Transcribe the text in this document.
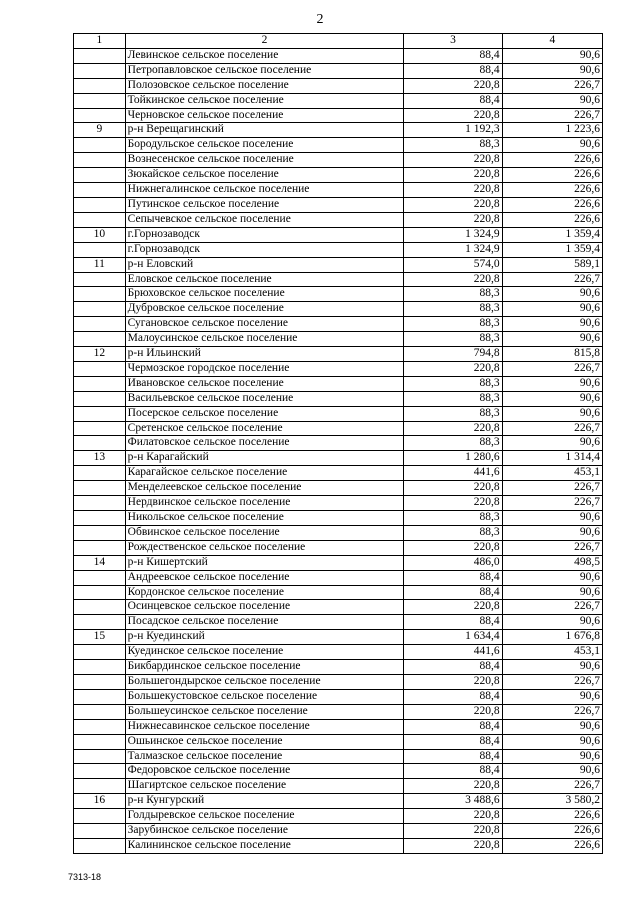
2
1	2	3	4
	Левинское сельское поселение	88,4	90,6
	Петропавловское сельское поселение	88,4	90,6
	Полозовское сельское поселение	220,8	226,7
	Тойкинское сельское поселение	88,4	90,6
	Черновское сельское поселение	220,8	226,7
9	р-н Верещагинский	1 192,3	1 223,6
	Бородульское сельское поселение	88,3	90,6
	Вознесенское сельское поселение	220,8	226,6
	Зюкайское сельское поселение	220,8	226,6
	Нижнегалинское сельское поселение	220,8	226,6
	Путинское сельское поселение	220,8	226,6
	Сепычевское сельское поселение	220,8	226,6
10	г.Горнозаводск	1 324,9	1 359,4
	г.Горнозаводск	1 324,9	1 359,4
11	р-н Еловский	574,0	589,1
	Еловское сельское поселение	220,8	226,7
	Брюховское сельское поселение	88,3	90,6
	Дубровское сельское поселение	88,3	90,6
	Сугановское сельское поселение	88,3	90,6
	Малоусинское сельское поселение	88,3	90,6
12	р-н Ильинский	794,8	815,8
	Чермозское городское поселение	220,8	226,7
	Ивановское сельское поселение	88,3	90,6
	Васильевское сельское поселение	88,3	90,6
	Посерское сельское поселение	88,3	90,6
	Сретенское сельское поселение	220,8	226,7
	Филатовское сельское поселение	88,3	90,6
13	р-н Карагайский	1 280,6	1 314,4
	Карагайское сельское поселение	441,6	453,1
	Менделеевское сельское поселение	220,8	226,7
	Нердвинское сельское поселение	220,8	226,7
	Никольское сельское поселение	88,3	90,6
	Обвинское сельское поселение	88,3	90,6
	Рождественское сельское поселение	220,8	226,7
14	р-н Кишертский	486,0	498,5
	Андреевское сельское поселение	88,4	90,6
	Кордонское сельское поселение	88,4	90,6
	Осинцевское сельское поселение	220,8	226,7
	Посадское сельское поселение	88,4	90,6
15	р-н Куединский	1 634,4	1 676,8
	Куединское сельское поселение	441,6	453,1
	Бикбардинское сельское поселение	88,4	90,6
	Большегондырское сельское поселение	220,8	226,7
	Большекустовское сельское поселение	88,4	90,6
	Большеусинское сельское поселение	220,8	226,7
	Нижнесавинское сельское поселение	88,4	90,6
	Ошьинское сельское поселение	88,4	90,6
	Талмазское сельское поселение	88,4	90,6
	Федоровское сельское поселение	88,4	90,6
	Шагиртское сельское поселение	220,8	226,7
16	р-н Кунгурский	3 488,6	3 580,2
	Голдыревское сельское поселение	220,8	226,6
	Зарубинское сельское поселение	220,8	226,6
	Калининское сельское поселение	220,8	226,6
7313-18
